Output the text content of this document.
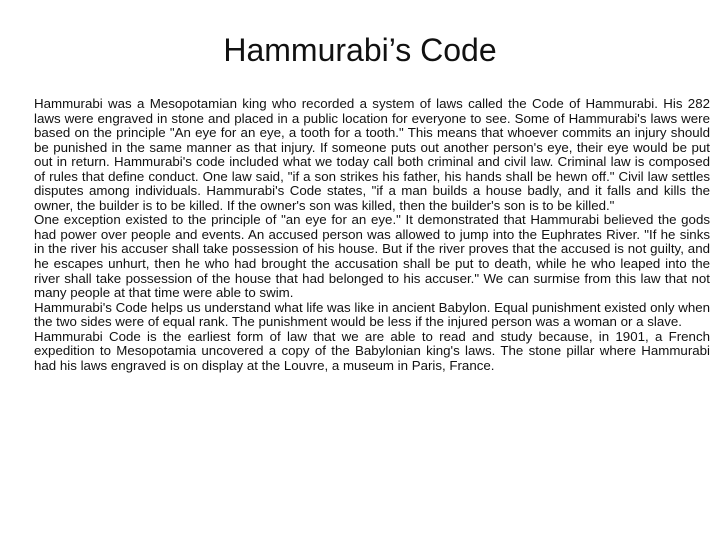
Hammurabi’s Code

Hammurabi was a Mesopotamian king who recorded a system of laws called the Code of Hammurabi. His 282 laws were engraved in stone and placed in a public location for everyone to see. Some of Hammurabi's laws were based on the principle "An eye for an eye, a tooth for a tooth." This means that whoever commits an injury should be punished in the same manner as that injury. If someone puts out another person's eye, their eye would be put out in return. Hammurabi's code included what we today call both criminal and civil law. Criminal law is composed of rules that define conduct. One law said, "if a son strikes his father, his hands shall be hewn off." Civil law settles disputes among individuals. Hammurabi's Code states, "if a man builds a house badly, and it falls and kills the owner, the builder is to be killed. If the owner's son was killed, then the builder's son is to be killed."

One exception existed to the principle of "an eye for an eye." It demonstrated that Hammurabi believed the gods had power over people and events. An accused person was allowed to jump into the Euphrates River. "If he sinks in the river his accuser shall take possession of his house. But if the river proves that the accused is not guilty, and he escapes unhurt, then he who had brought the accusation shall be put to death, while he who leaped into the river shall take possession of the house that had belonged to his accuser." We can surmise from this law that not many people at that time were able to swim.

Hammurabi's Code helps us understand what life was like in ancient Babylon. Equal punishment existed only when the two sides were of equal rank. The punishment would be less if the injured person was a woman or a slave.

Hammurabi Code is the earliest form of law that we are able to read and study because, in 1901, a French expedition to Mesopotamia uncovered a copy of the Babylonian king's laws. The stone pillar where Hammurabi had his laws engraved is on display at the Louvre, a museum in Paris, France.
